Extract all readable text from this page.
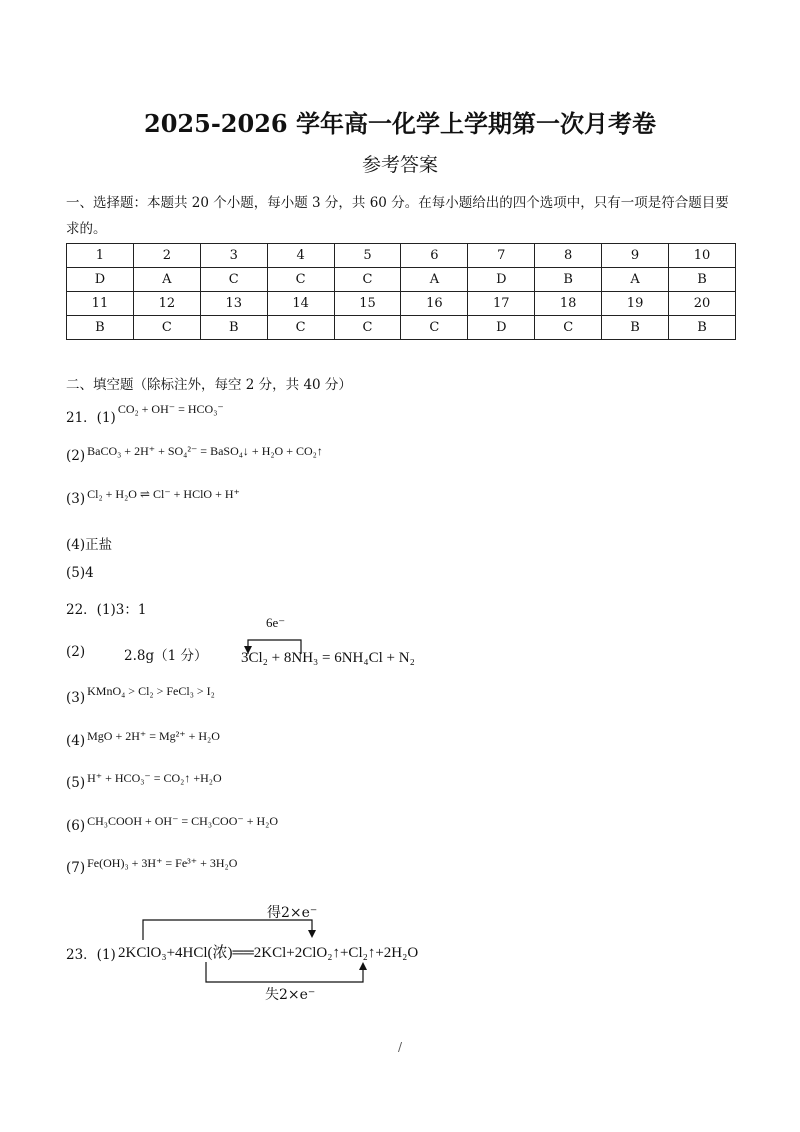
2025-2026 学年高一化学上学期第一次月考卷
参考答案
一、选择题：本题共 20 个小题，每小题 3 分，共 60 分。在每小题给出的四个选项中，只有一项是符合题目要求的。
1	2	3	4	5	6	7	8	9	10
D	A	C	C	C	A	D	B	A	B
11	12	13	14	15	16	17	18	19	20
B	C	B	C	C	C	D	C	B	B
二、填空题（除标注外，每空 2 分，共 40 分）
21．(1)CO₂ + OH⁻ = HCO₃⁻
(2) BaCO₃ + 2H⁺ + SO₄²⁻ = BaSO₄↓ + H₂O + CO₂↑
(3) Cl₂ + H₂O ⇌ Cl⁻ + HClO + H⁺
(4)正盐
(5)4
22．(1)3：1
(2)	2.8g（1 分）
6e⁻
3Cl₂ + 8NH₃ = 6NH₄Cl + N₂
(3) KMnO₄ > Cl₂ > FeCl₃ > I₂
(4) MgO + 2H⁺ = Mg²⁺ + H₂O
(5) H⁺ + HCO₃⁻ = CO₂↑ +H₂O
(6) CH₃COOH + OH⁻ = CH₃COO⁻ + H₂O
(7) Fe(OH)₃ + 3H⁺ = Fe³⁺ + 3H₂O
得2×e⁻
23．(1) 2KClO₃+4HCl(浓)══2KCl+2ClO₂↑+Cl₂↑+2H₂O
失2×e⁻
/
